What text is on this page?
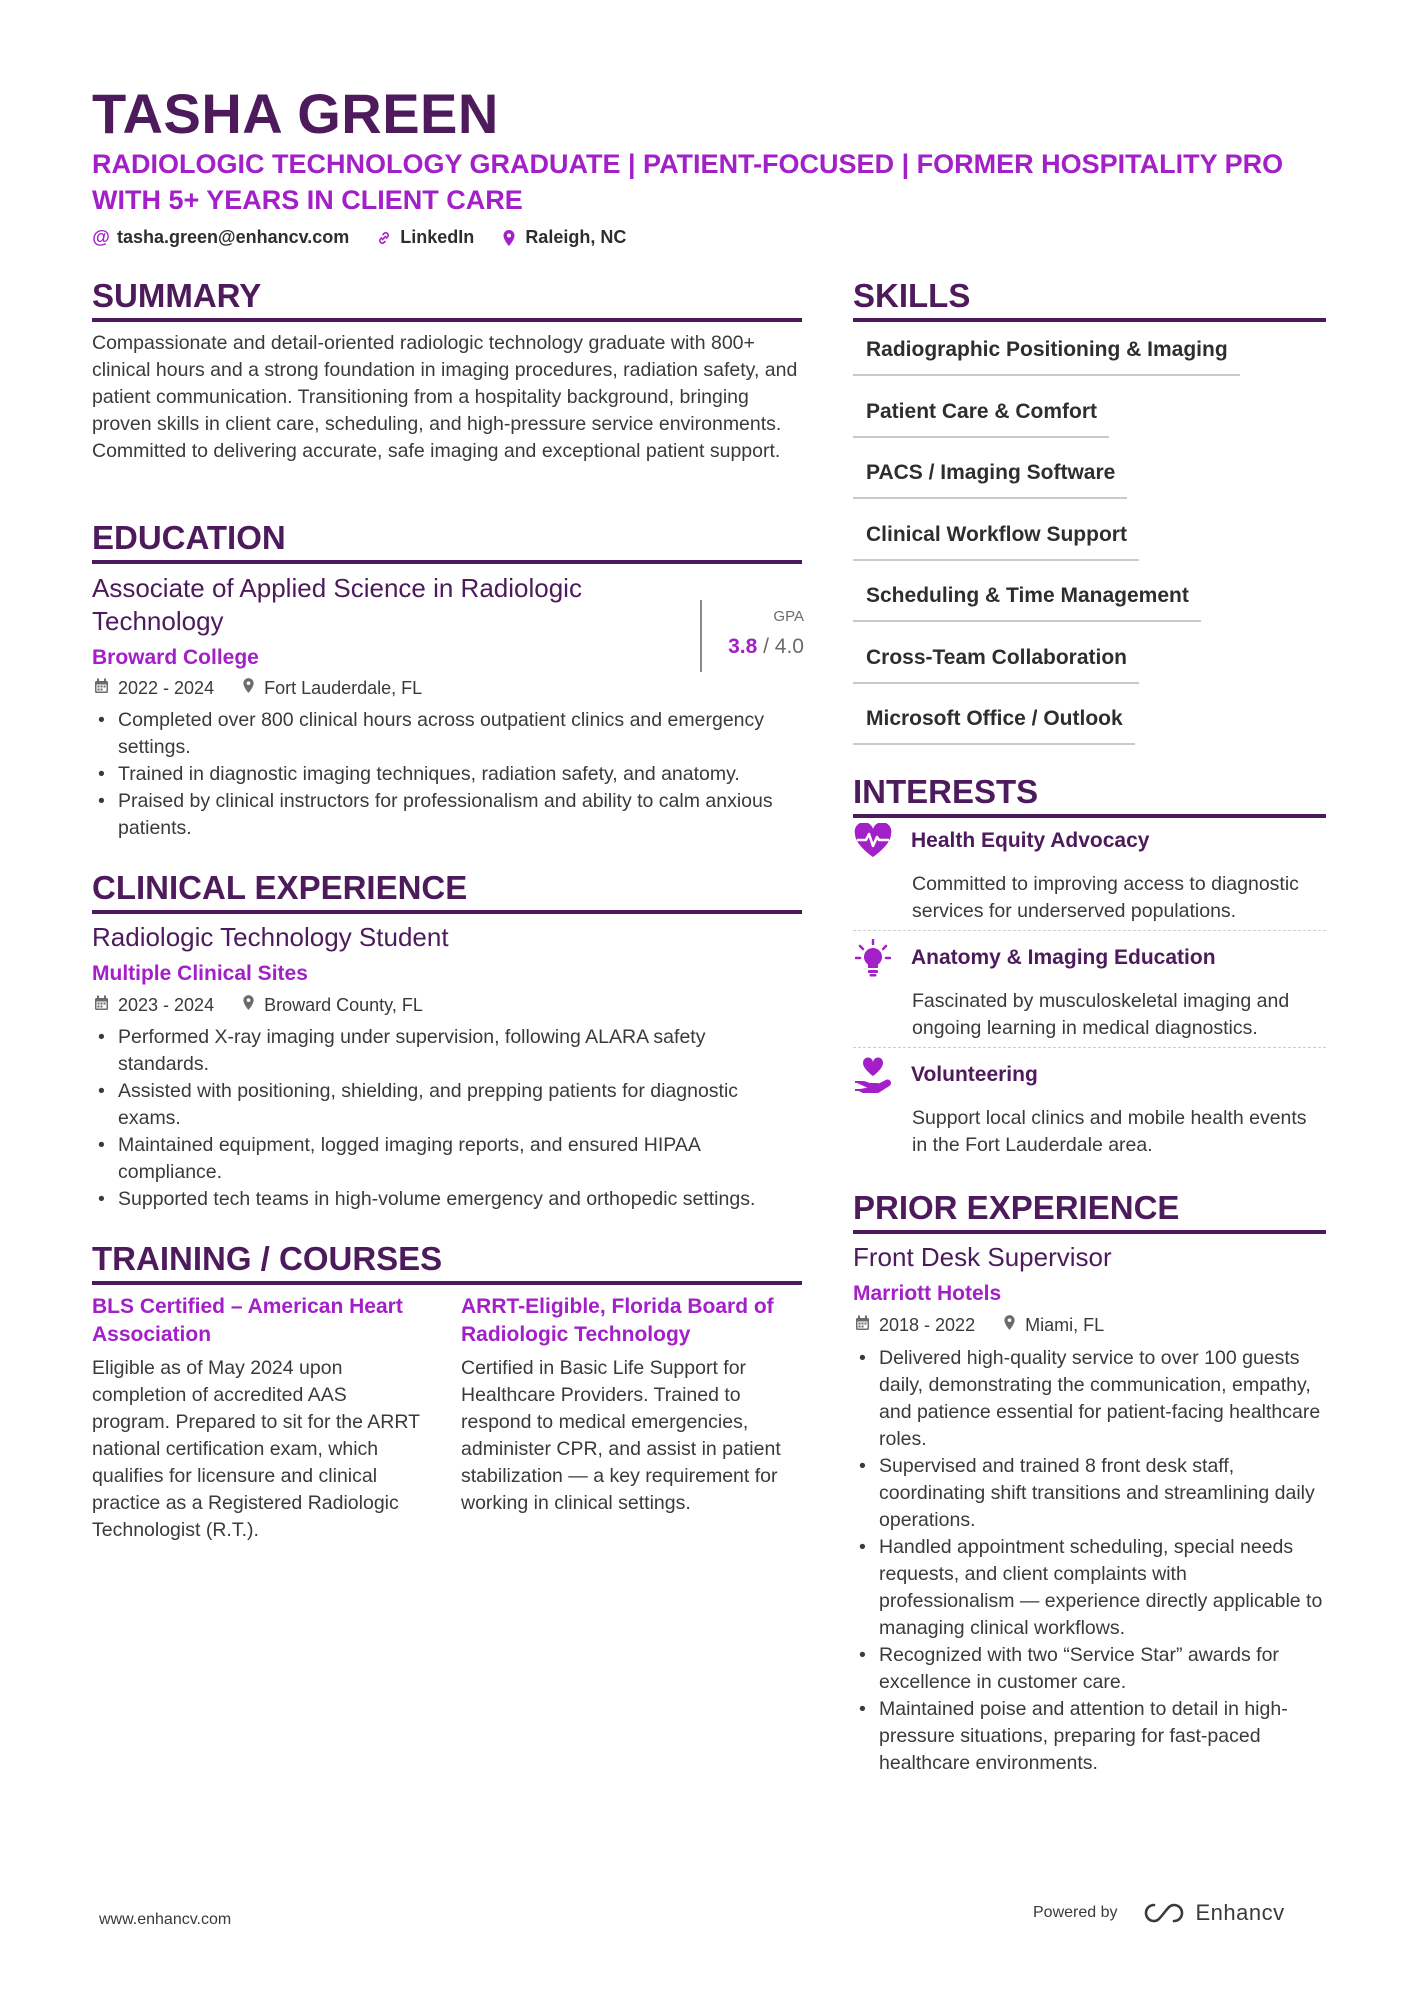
TASHA GREEN
RADIOLOGIC TECHNOLOGY GRADUATE | PATIENT-FOCUSED | FORMER HOSPITALITY PRO WITH 5+ YEARS IN CLIENT CARE
@ tasha.green@enhancv.com	LinkedIn	Raleigh, NC
SUMMARY
Compassionate and detail-oriented radiologic technology graduate with 800+ clinical hours and a strong foundation in imaging procedures, radiation safety, and patient communication. Transitioning from a hospitality background, bringing proven skills in client care, scheduling, and high-pressure service environments. Committed to delivering accurate, safe imaging and exceptional patient support.
EDUCATION
Associate of Applied Science in Radiologic Technology	GPA
3.8 / 4.0
Broward College
2022 - 2024	Fort Lauderdale, FL
• Completed over 800 clinical hours across outpatient clinics and emergency settings.
• Trained in diagnostic imaging techniques, radiation safety, and anatomy.
• Praised by clinical instructors for professionalism and ability to calm anxious patients.
CLINICAL EXPERIENCE
Radiologic Technology Student
Multiple Clinical Sites
2023 - 2024	Broward County, FL
• Performed X-ray imaging under supervision, following ALARA safety standards.
• Assisted with positioning, shielding, and prepping patients for diagnostic exams.
• Maintained equipment, logged imaging reports, and ensured HIPAA compliance.
• Supported tech teams in high-volume emergency and orthopedic settings.
TRAINING / COURSES
BLS Certified – American Heart Association
Eligible as of May 2024 upon completion of accredited AAS program. Prepared to sit for the ARRT national certification exam, which qualifies for licensure and clinical practice as a Registered Radiologic Technologist (R.T.).
ARRT-Eligible, Florida Board of Radiologic Technology
Certified in Basic Life Support for Healthcare Providers. Trained to respond to medical emergencies, administer CPR, and assist in patient stabilization — a key requirement for working in clinical settings.
SKILLS
Radiographic Positioning & Imaging
Patient Care & Comfort
PACS / Imaging Software
Clinical Workflow Support
Scheduling & Time Management
Cross-Team Collaboration
Microsoft Office / Outlook
INTERESTS
Health Equity Advocacy
Committed to improving access to diagnostic services for underserved populations.
Anatomy & Imaging Education
Fascinated by musculoskeletal imaging and ongoing learning in medical diagnostics.
Volunteering
Support local clinics and mobile health events in the Fort Lauderdale area.
PRIOR EXPERIENCE
Front Desk Supervisor
Marriott Hotels
2018 - 2022	Miami, FL
• Delivered high-quality service to over 100 guests daily, demonstrating the communication, empathy, and patience essential for patient-facing healthcare roles.
• Supervised and trained 8 front desk staff, coordinating shift transitions and streamlining daily operations.
• Handled appointment scheduling, special needs requests, and client complaints with professionalism — experience directly applicable to managing clinical workflows.
• Recognized with two “Service Star” awards for excellence in customer care.
• Maintained poise and attention to detail in high-pressure situations, preparing for fast-paced healthcare environments.
www.enhancv.com	Powered by	Enhancv
